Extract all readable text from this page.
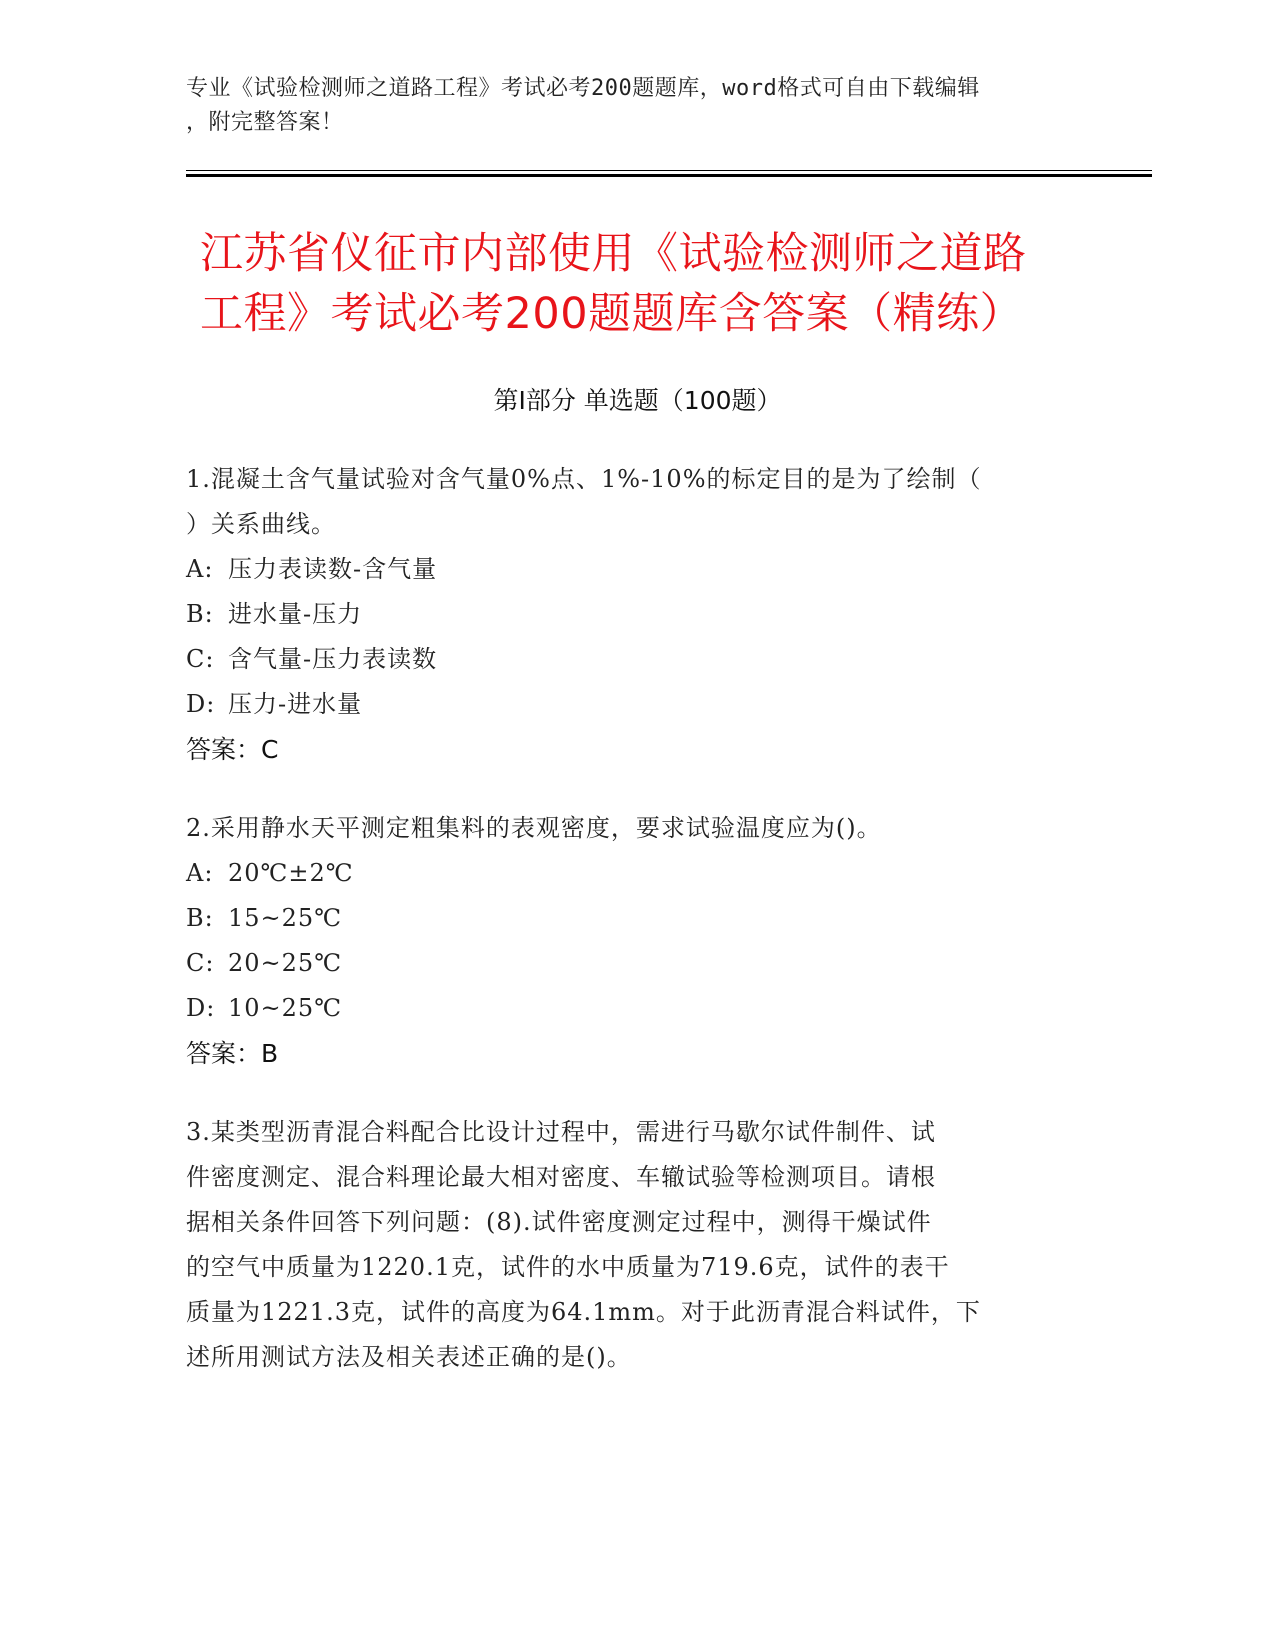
专业《试验检测师之道路工程》考试必考200题题库，word格式可自由下载编辑
，附完整答案！
江苏省仪征市内部使用《试验检测师之道路
工程》考试必考200题题库含答案（精练）
第Ⅰ部分 单选题（100题）
1.混凝土含气量试验对含气量0%点、1%-10%的标定目的是为了绘制（
）关系曲线。
A: 压力表读数-含气量
B: 进水量-压力
C: 含气量-压力表读数
D: 压力-进水量
答案：C
2.采用静水天平测定粗集料的表观密度，要求试验温度应为()。
A: 20℃±2℃
B: 15~25℃
C: 20~25℃
D: 10~25℃
答案：B
3.某类型沥青混合料配合比设计过程中，需进行马歇尔试件制件、试
件密度测定、混合料理论最大相对密度、车辙试验等检测项目。请根
据相关条件回答下列问题：(8).试件密度测定过程中，测得干燥试件
的空气中质量为1220.1克，试件的水中质量为719.6克，试件的表干
质量为1221.3克，试件的高度为64.1mm。对于此沥青混合料试件，下
述所用测试方法及相关表述正确的是()。
